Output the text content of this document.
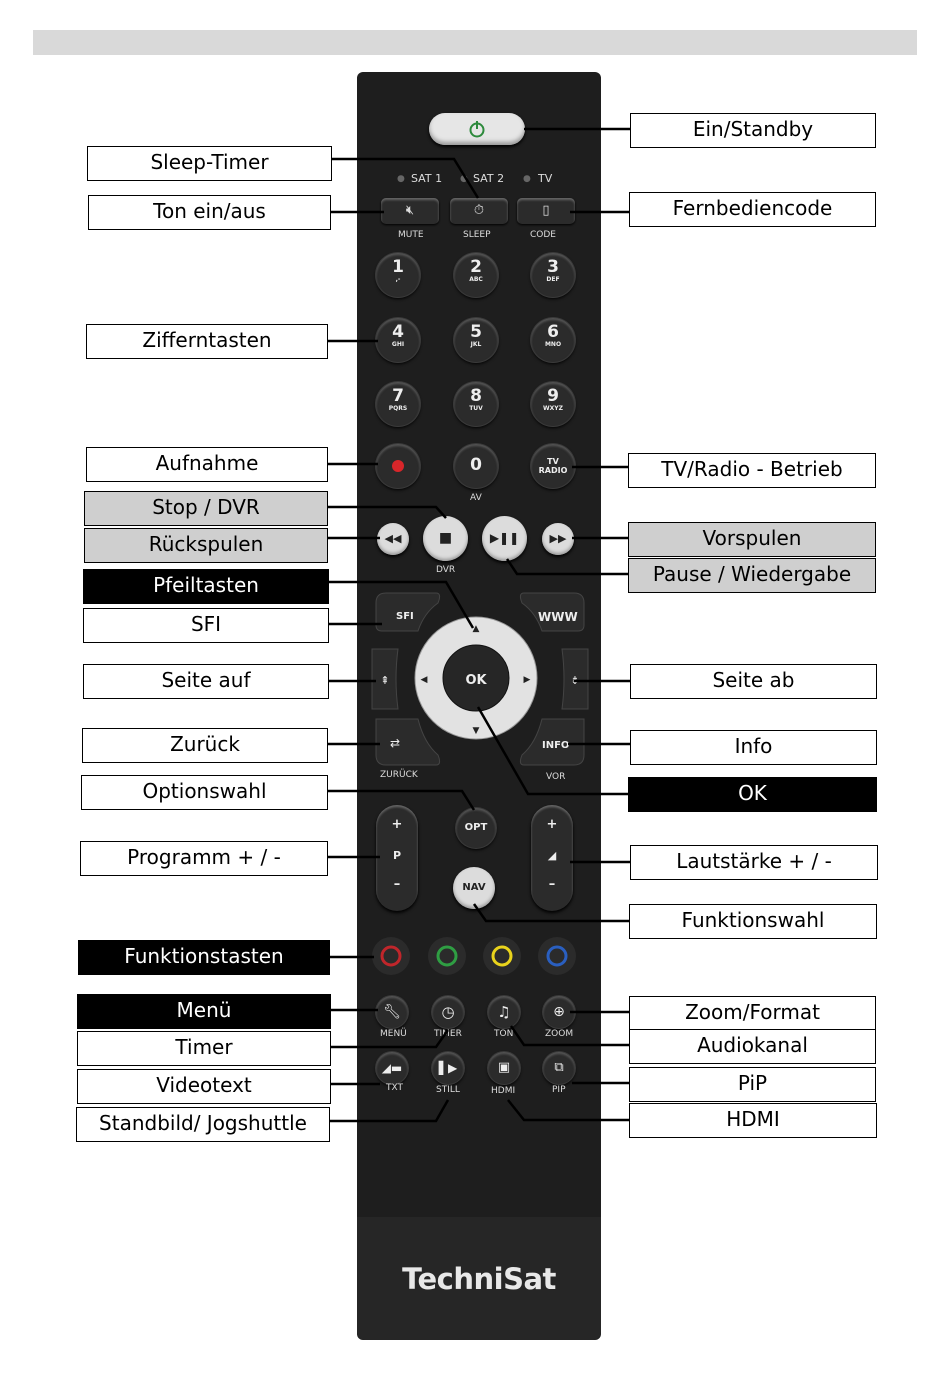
TechniSat
● SAT 1 ● SAT 2 ● TV
🔇︎	⏱︎	▯
MUTE	SLEEP	CODE
1
,-
2
ABC
3
DEF
4
GHI
5
JKL
6
MNO
7
PQRS
8
TUV
9
WXYZ
0
AV
TV
RADIO
◀◀	■
DVR
▶❚❚	▶▶
OK
▲
▼
◀	▶
SFI	WWW
⇞	⇟
⇄	INFO
ZURÜCK	VOR
OPT
NAV
+
P
–
+
◢
–
🔧︎	◷	♫	⊕
MENÜ	TIMER	TON	ZOOM
◢▬	▌▶	▣	⧉
TXT	STILL	HDMI	PIP
Ein/Standby
Sleep-Timer
Ton ein/aus	Fernbediencode
Zifferntasten
Aufnahme	TV/Radio - Betrieb
Stop / DVR
Rückspulen	Vorspulen
Pause / Wiedergabe
Pfeiltasten
SFI
Seite auf	Seite ab
Zurück	Info
OK
Optionswahl
Programm + / -	Lautstärke + / -
Funktionswahl
Funktionstasten
Menü	Zoom/Format
Timer	Audiokanal
Videotext	PiP
Standbild/ Jogshuttle	HDMI
